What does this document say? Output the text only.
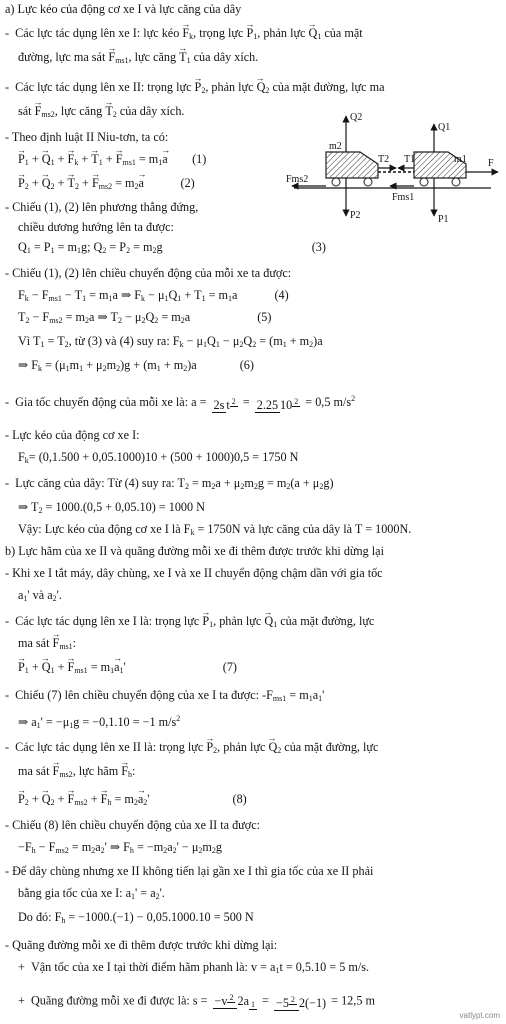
a) Lực kéo của động cơ xe I và lực căng của dây
-  Các lực tác dụng lên xe I: lực kéo → $F_k$, trọng lực → $P_1$, phản lực → $Q_1$ của mặt
đường, lực ma sát → $F_{ms1}$, lực căng → $T_1$ của dây xích.
-  Các lực tác dụng lên xe II: trọng lực → $P_2$, phản lực → $Q_2$ của mặt đường, lực ma
sát → $F_{ms2}$, lực căng → $T_2$ của dây xích.
- Theo định luật II Niu-tơn, ta có:
→ $P_1$ + → $Q_1$ + → $F_k$ + → $T_1$ + → $F_{ms1} = m_1\to a$        (1)
→ $P_2$ + → $Q_2$ + → $T_2$ + → $F_{ms2} = m_2\to a$            (2)
- Chiếu (1), (2) lên phương thẳng đứng,
chiều dương hướng lên ta được:
$Q_1 = P_1 = m_1g$; $Q_2 = P_2 = m_2g$	(3)
- Chiếu (1), (2) lên chiều chuyển động của mỗi xe ta được:
$F_k - F_{ms1} - T_1 = m_1a$ ⇒ $F_k - \mu_1Q_1 + T_1 = m_1a$	(4)
$T_2 - F_{ms2} = m_2a$ ⇒ $T_2 - \mu_2Q_2 = m_2a$	(5)
Vì $T_1 = T_2$, từ (3) và (4) suy ra: $F_k - \mu_1Q_1 - \mu_2Q_2 = (m_1 + m_2)a$
⇒ $F_k = (\mu_1m_1 + \mu_2m_2)g + (m_1 + m_2)a$	(6)
-  Gia tốc chuyển động của mỗi xe là: a = 2s t $^2$ = 2.25 10 $^2$ = 0,5 $m/s^2$
- Lực kéo của động cơ xe I:
$F_k= (0,1.500 + 0,05.1000)10 + (500 + 1000)0,5 = 1750$ N
-  Lực căng của dây: Từ (4) suy ra: $T_2 = m_2a + \mu_2m_2g = m_2(a + \mu_2g)$
⇒ $T_2 = 1000.(0,5 + 0,05.10) = 1000$ N
Vậy: Lực kéo của động cơ xe I là $F_k = 1750N$ và lực căng của dây là T = 1000N.
b) Lực hãm của xe II và quãng đường mỗi xe đi thêm được trước khi dừng lại
- Khi xe I tắt máy, dây chùng, xe I và xe II chuyển động chậm dần với gia tốc
$a_1'$ và $a_2'$.
-  Các lực tác dụng lên xe I là: trọng lực → $P_1$, phản lực → $Q_1$ của mặt đường, lực
ma sát → $F_{ms1}$:
→ $P_1$ + → $Q_1$ + → $F_{ms1} = m_1\to a_1'$	(7)
-  Chiếu (7) lên chiều chuyển động của xe I ta được: $-F_{ms1} = m_1a_1'$
⇒ $a_1' = -\mu_1g = -0,1.10 = -1$ $m/s^2$
-  Các lực tác dụng lên xe II là: trọng lực → $P_2$, phản lực → $Q_2$ của mặt đường, lực
ma sát → $F_{ms2}$, lực hãm → $F_h$:
→ $P_2$ + → $Q_2$ + → $F_{ms2}$ + → $F_h = m_2\to a_2'$	(8)
- Chiếu (8) lên chiều chuyển động của xe II ta được:
$-F_h - F_{ms2} = m_2a_2'$ ⇒ $F_h = -m_2a_2' - \mu_2m_2g$
- Để dây chùng nhưng xe II không tiến lại gần xe I thì gia tốc của xe II phải
bằng gia tốc của xe I: $a_1' = a_2'$.
Do đó: $F_h = -1000.(-1) - 0,05.1000.10 = 500$ N
- Quãng đường mỗi xe đi thêm được trước khi dừng lại:
+  Vận tốc của xe I tại thời điểm hãm phanh là: $v = a_1t = 0,5.10 = 5$ m/s.
+  Quãng đường mỗi xe đi được là: s = −v $^2$ 2a $_1$ = −5 $^2$ 2(−1) = 12,5 m
Q2
P2
Q1
P1
m2
m1
T2 T1
Fms2
Fms1
F
vatlypt.com
